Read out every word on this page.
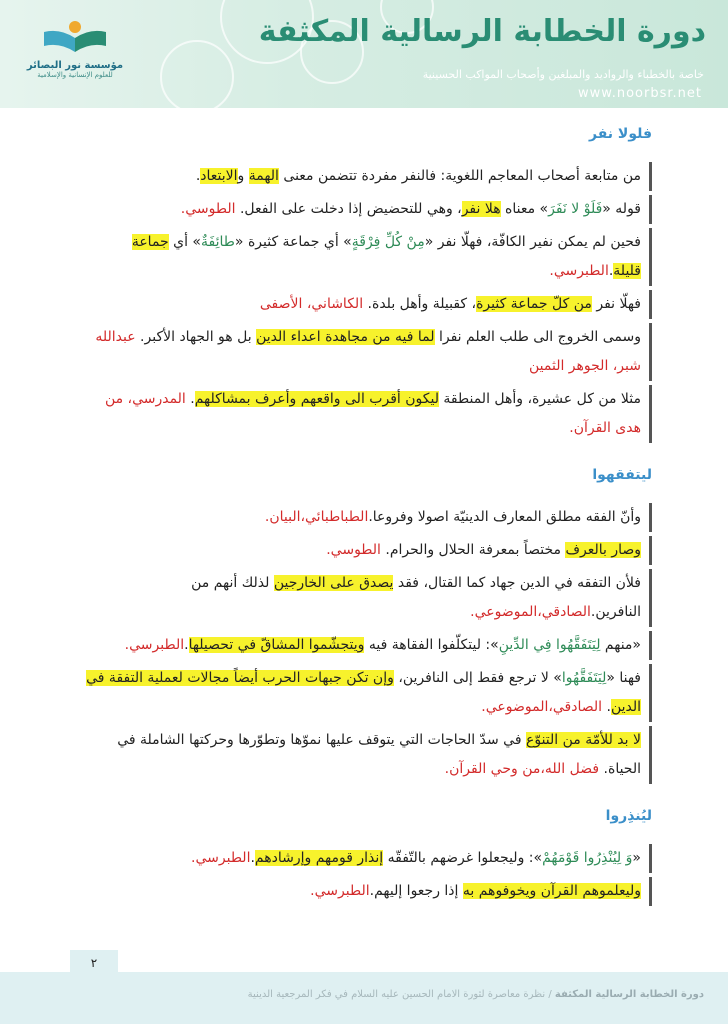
دورة الخطابة الرسالية المكثفة
خاصة بالخطباء والرواديد والمبلغين وأصحاب المواكب الحسينية
www.noorbsr.net
مؤسسة نور البصائر
للعلوم الإنسانية والإسلامية
فلولا نفر
من متابعة أصحاب المعاجم اللغوية: فالنفر مفردة تتضمن معنى الهمة والابتعاد.
قوله «فَلَوْ لا نَفَرَ» معناه هلا نفر، وهي للتحضيض إذا دخلت على الفعل. الطوسي.
فحين لم يمكن نفير الكافّة، فهلّا نفر «مِنْ كُلِّ فِرْقَةٍ» أي جماعة كثيرة «طائِفَةٌ» أي جماعة قليلة.الطبرسي.
فهلّا نفر من كلّ جماعة كثيرة، كقبيلة وأهل بلدة. الكاشاني، الأصفى
وسمى الخروج الى طلب العلم نفرا لما فيه من مجاهدة اعداء الدين بل هو الجهاد الأكبر. عبدالله شبر، الجوهر الثمين
مثلا من كل عشيرة، وأهل المنطقة ليكون أقرب الى واقعهم وأعرف بمشاكلهم. المدرسي، من هدى القرآن.
ليتفقهوا
وأنّ الفقه مطلق المعارف الدينيّة اصولا وفروعا.الطباطبائي،البيان.
وصار بالعرف مختصاً بمعرفة الحلال والحرام. الطوسي.
فلأن التفقه في الدين جهاد كما القتال، فقد يصدق على الخارجين لذلك أنهم من النافرين.الصادقي،الموضوعي.
«منهم لِيَتَفَقَّهُوا فِي الدِّينِ»: ليتكلّفوا الفقاهة فيه ويتجشّموا المشاقّ في تحصيلها.الطبرسي.
فهنا «لِيَتَفَقَّهُوا» لا ترجع فقط إلى النافرين، وإن تكن جبهات الحرب أيضاً مجالات لعملية التفقة في الدين. الصادقي،الموضوعي.
لا بد للأمّة من التنوّع في سدّ الحاجات التي يتوقف عليها نموّها وتطوّرها وحركتها الشاملة في الحياة. فضل الله،من وحي القرآن.
ليُنذِروا
«وَ لِيُنْذِرُوا قَوْمَهُمْ»: وليجعلوا غرضهم بالتّفقّه إنذار قومهم وإرشادهم.الطبرسي.
وليعلموهم القرآن ويخوفوهم به إذا رجعوا إليهم.الطبرسي.
٢
دورة الخطابة الرسالية المكثفة / نظرة معاصرة لثورة الامام الحسين عليه السلام في فكر المرجعية الدينية
